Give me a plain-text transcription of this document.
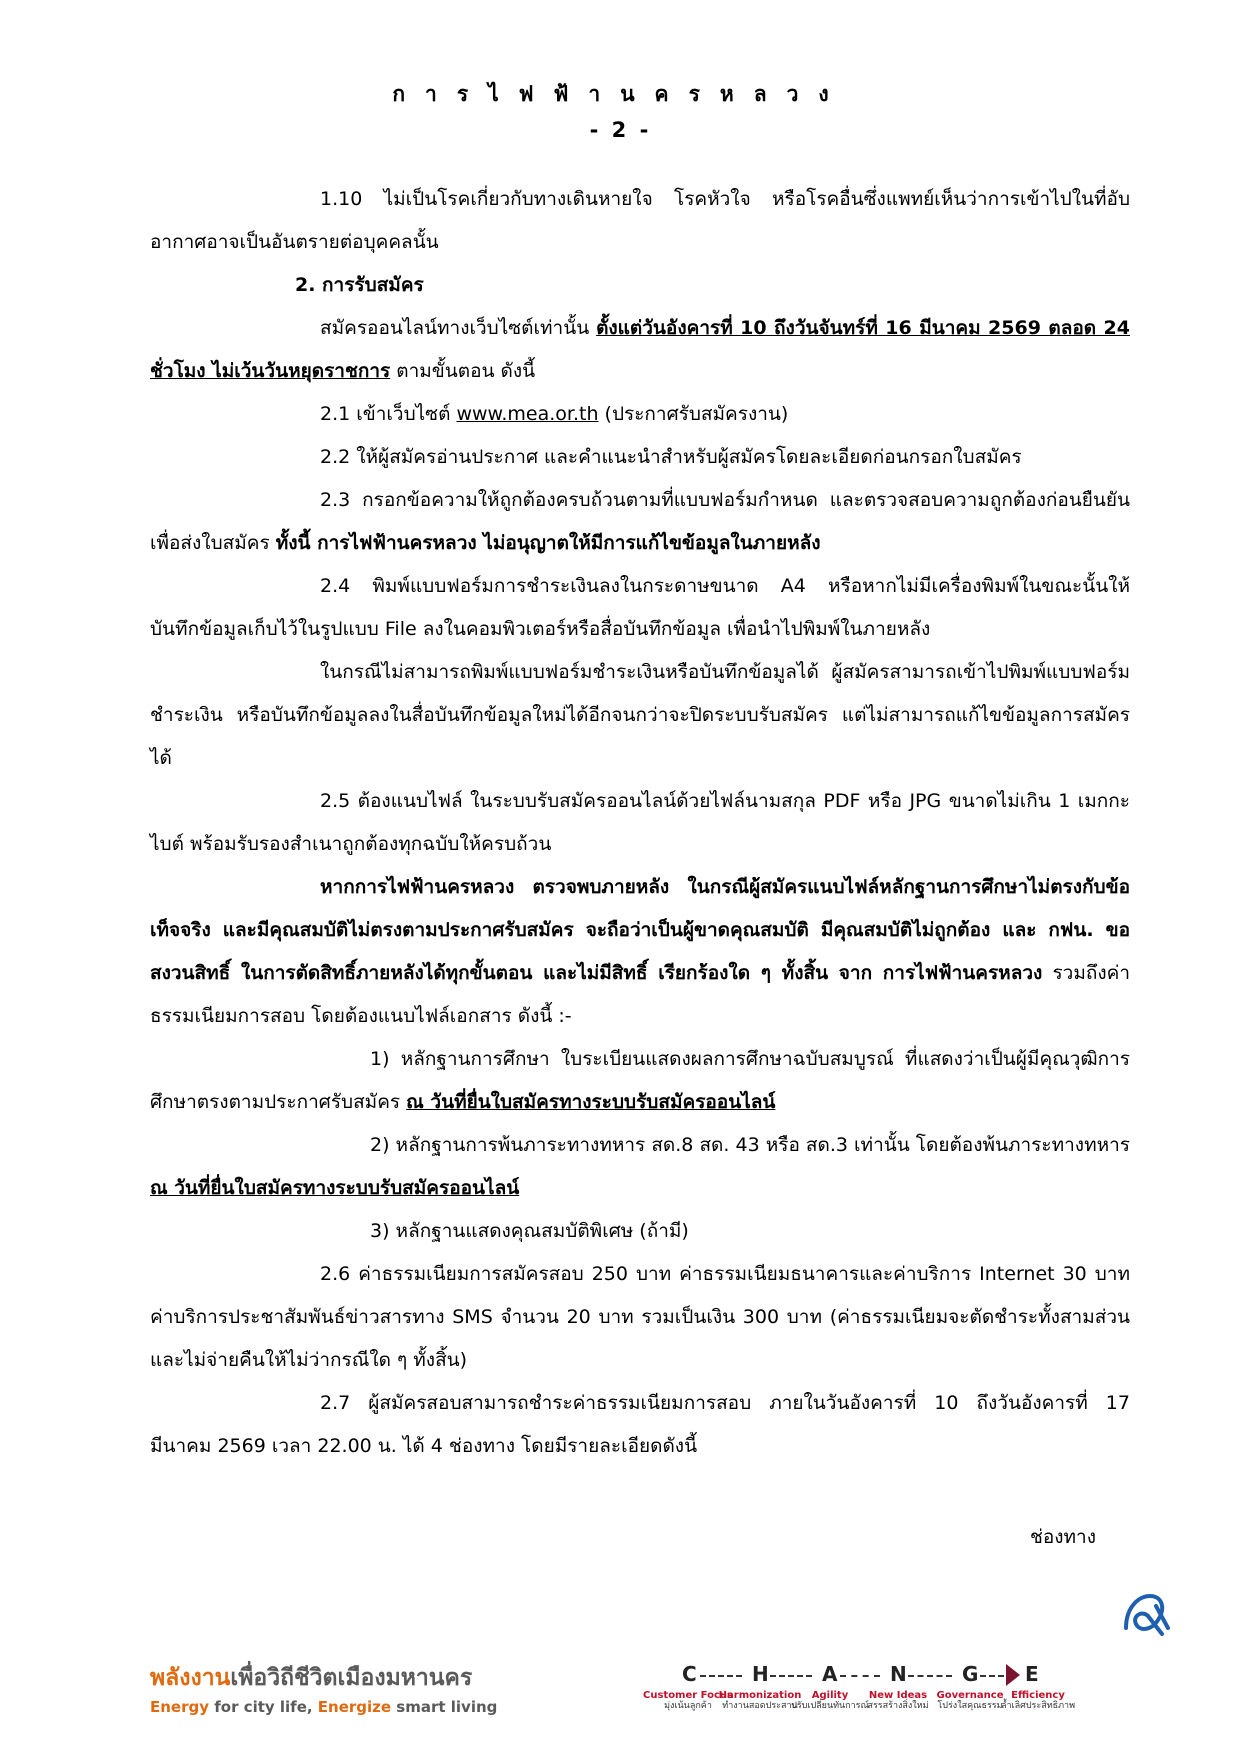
การไฟฟ้านครหลวง
- 2 -

1.10 ไม่เป็นโรคเกี่ยวกับทางเดินหายใจ โรคหัวใจ หรือโรคอื่นซึ่งแพทย์เห็นว่าการเข้าไปในที่อับอากาศอาจเป็นอันตรายต่อบุคคลนั้น

2. การรับสมัคร

สมัครออนไลน์ทางเว็บไซต์เท่านั้น ตั้งแต่วันอังคารที่ 10 ถึงวันจันทร์ที่ 16 มีนาคม 2569 ตลอด 24 ชั่วโมง ไม่เว้นวันหยุดราชการ ตามขั้นตอน ดังนี้

2.1 เข้าเว็บไซต์ www.mea.or.th (ประกาศรับสมัครงาน)

2.2 ให้ผู้สมัครอ่านประกาศ และคำแนะนำสำหรับผู้สมัครโดยละเอียดก่อนกรอกใบสมัคร

2.3 กรอกข้อความให้ถูกต้องครบถ้วนตามที่แบบฟอร์มกำหนด และตรวจสอบความถูกต้องก่อนยืนยัน เพื่อส่งใบสมัคร ทั้งนี้ การไฟฟ้านครหลวง ไม่อนุญาตให้มีการแก้ไขข้อมูลในภายหลัง

2.4 พิมพ์แบบฟอร์มการชำระเงินลงในกระดาษขนาด A4 หรือหากไม่มีเครื่องพิมพ์ในขณะนั้นให้บันทึกข้อมูลเก็บไว้ในรูปแบบ File ลงในคอมพิวเตอร์หรือสื่อบันทึกข้อมูล เพื่อนำไปพิมพ์ในภายหลัง

ในกรณีไม่สามารถพิมพ์แบบฟอร์มชำระเงินหรือบันทึกข้อมูลได้ ผู้สมัครสามารถเข้าไปพิมพ์แบบฟอร์มชำระเงิน หรือบันทึกข้อมูลลงในสื่อบันทึกข้อมูลใหม่ได้อีกจนกว่าจะปิดระบบรับสมัคร แต่ไม่สามารถแก้ไขข้อมูลการสมัครได้

2.5 ต้องแนบไฟล์ ในระบบรับสมัครออนไลน์ด้วยไฟล์นามสกุล PDF หรือ JPG ขนาดไม่เกิน 1 เมกกะไบต์ พร้อมรับรองสำเนาถูกต้องทุกฉบับให้ครบถ้วน

หากการไฟฟ้านครหลวง ตรวจพบภายหลัง ในกรณีผู้สมัครแนบไฟล์หลักฐานการศึกษาไม่ตรงกับข้อเท็จจริง และมีคุณสมบัติไม่ตรงตามประกาศรับสมัคร จะถือว่าเป็นผู้ขาดคุณสมบัติ มีคุณสมบัติไม่ถูกต้อง และ กฟน. ขอสงวนสิทธิ์ ในการตัดสิทธิ์ภายหลังได้ทุกขั้นตอน และไม่มีสิทธิ์ เรียกร้องใด ๆ ทั้งสิ้น จาก การไฟฟ้านครหลวง รวมถึงค่าธรรมเนียมการสอบ โดยต้องแนบไฟล์เอกสาร ดังนี้ :-

1) หลักฐานการศึกษา ใบระเบียนแสดงผลการศึกษาฉบับสมบูรณ์ ที่แสดงว่าเป็นผู้มีคุณวุฒิการศึกษาตรงตามประกาศรับสมัคร ณ วันที่ยื่นใบสมัครทางระบบรับสมัครออนไลน์

2) หลักฐานการพ้นภาระทางทหาร สด.8 สด. 43 หรือ สด.3 เท่านั้น โดยต้องพ้นภาระทางทหาร ณ วันที่ยื่นใบสมัครทางระบบรับสมัครออนไลน์

3) หลักฐานแสดงคุณสมบัติพิเศษ (ถ้ามี)

2.6 ค่าธรรมเนียมการสมัครสอบ 250 บาท ค่าธรรมเนียมธนาคารและค่าบริการ Internet 30 บาท ค่าบริการประชาสัมพันธ์ข่าวสารทาง SMS จำนวน 20 บาท รวมเป็นเงิน 300 บาท (ค่าธรรมเนียมจะตัดชำระทั้งสามส่วนและไม่จ่ายคืนให้ไม่ว่ากรณีใด ๆ ทั้งสิ้น)

2.7 ผู้สมัครสอบสามารถชำระค่าธรรมเนียมการสอบ ภายในวันอังคารที่ 10 ถึงวันอังคารที่ 17 มีนาคม 2569 เวลา 22.00 น. ได้ 4 ช่องทาง โดยมีรายละเอียดดังนี้

ช่องทาง
พลังงานเพื่อวิถีชีวิตเมืองมหานคร
Energy for city life, Energize smart living
C	H	A	N	G E
Customer Focus
มุ่งเน้นลูกค้า
Harmonization
ทำงานสอดประสาน
Agility
ปรับเปลี่ยนทันการณ์
New Ideas
สรรสร้างสิ่งใหม่
Governance
โปร่งใสคุณธรรม
Efficiency
ล้ำเลิศประสิทธิภาพ
